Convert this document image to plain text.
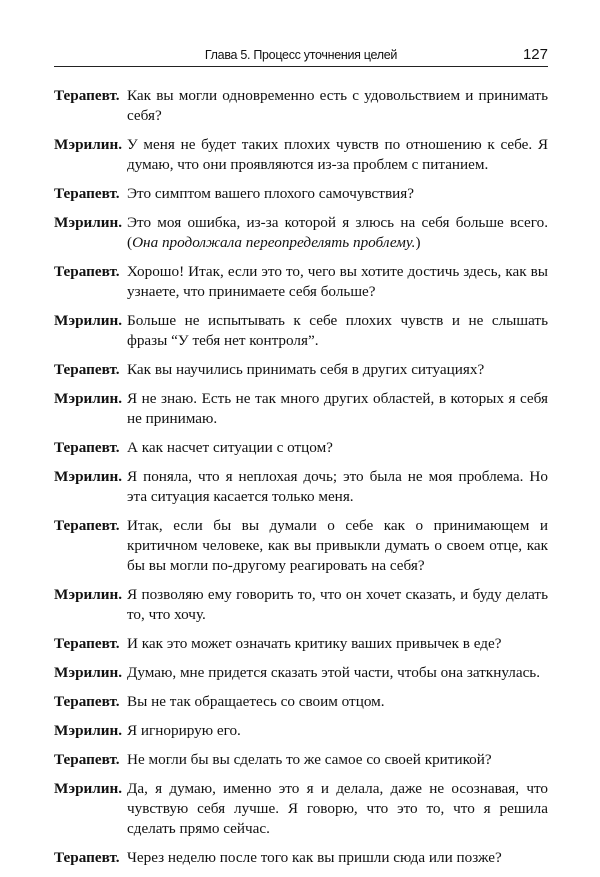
Глава 5. Процесс уточнения целей	127
Терапевт. Как вы могли одновременно есть с удовольствием и принимать себя?
Мэрилин. У меня не будет таких плохих чувств по отношению к себе. Я думаю, что они проявляются из-за проблем с питанием.
Терапевт. Это симптом вашего плохого самочувствия?
Мэрилин. Это моя ошибка, из-за которой я злюсь на себя больше всего. (Она продолжала переопределять проблему.)
Терапевт. Хорошо! Итак, если это то, чего вы хотите достичь здесь, как вы узнаете, что принимаете себя больше?
Мэрилин. Больше не испытывать к себе плохих чувств и не слышать фразы “У тебя нет контроля”.
Терапевт. Как вы научились принимать себя в других ситуациях?
Мэрилин. Я не знаю. Есть не так много других областей, в которых я себя не принимаю.
Терапевт. А как насчет ситуации с отцом?
Мэрилин. Я поняла, что я неплохая дочь; это была не моя проблема. Но эта ситуация касается только меня.
Терапевт. Итак, если бы вы думали о себе как о принимающем и критичном человеке, как вы привыкли думать о своем отце, как бы вы могли по-другому реагировать на себя?
Мэрилин. Я позволяю ему говорить то, что он хочет сказать, и буду делать то, что хочу.
Терапевт. И как это может означать критику ваших привычек в еде?
Мэрилин. Думаю, мне придется сказать этой части, чтобы она заткнулась.
Терапевт. Вы не так обращаетесь со своим отцом.
Мэрилин. Я игнорирую его.
Терапевт. Не могли бы вы сделать то же самое со своей критикой?
Мэрилин. Да, я думаю, именно это я и делала, даже не осознавая, что чувствую себя лучше. Я говорю, что это то, что я решила сделать прямо сейчас.
Терапевт. Через неделю после того как вы пришли сюда или позже?
